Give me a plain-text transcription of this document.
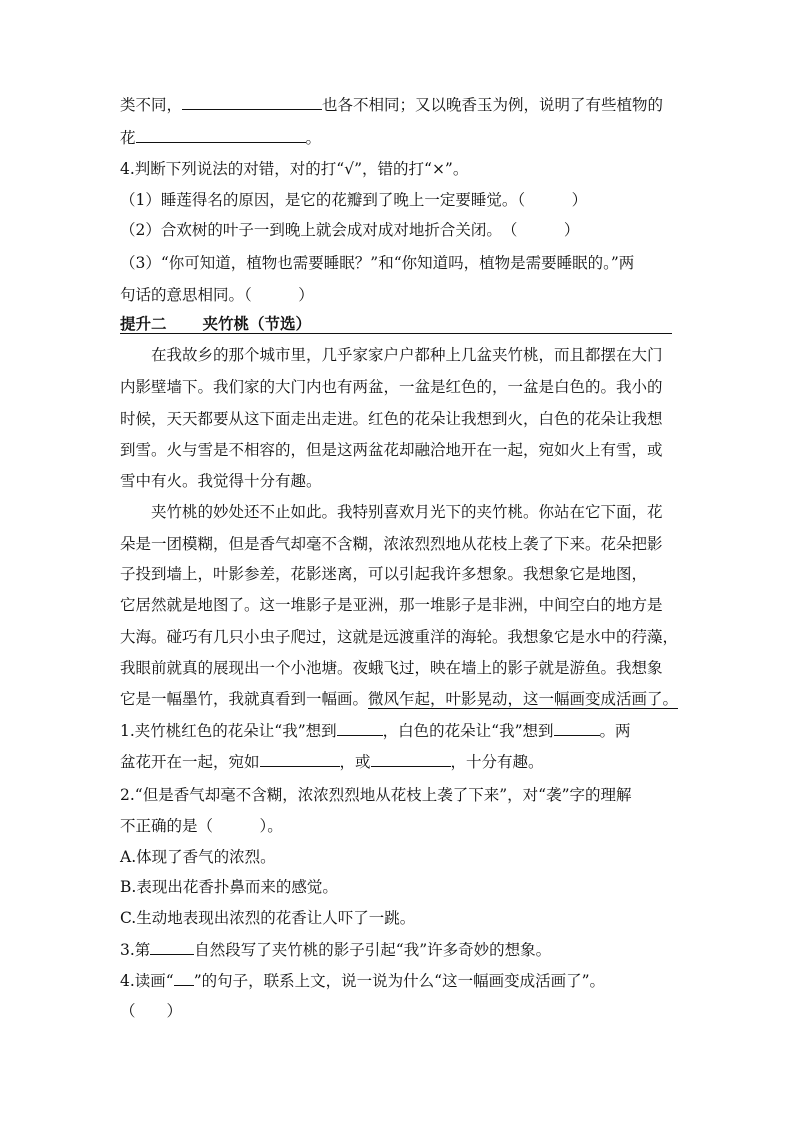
类不同，	也各不相同；又以晚香玉为例，说明了有些植物的
花	。
4.判断下列说法的对错，对的打“√”，错的打“×”。
（1）睡莲得名的原因，是它的花瓣到了晚上一定要睡觉。（　　　）
（2）合欢树的叶子一到晚上就会成对成对地折合关闭。　（　　　）
（3）“你可知道，植物也需要睡眠？”和“你知道吗，植物是需要睡眠的。”两
句话的意思相同。（　　　）
提升二 夹竹桃（节选）
　　在我故乡的那个城市里，几乎家家户户都种上几盆夹竹桃，而且都摆在大门
内影壁墙下。我们家的大门内也有两盆，一盆是红色的，一盆是白色的。我小的
时候，天天都要从这下面走出走进。红色的花朵让我想到火，白色的花朵让我想
到雪。火与雪是不相容的，但是这两盆花却融洽地开在一起，宛如火上有雪，或
雪中有火。我觉得十分有趣。
　　夹竹桃的妙处还不止如此。我特别喜欢月光下的夹竹桃。你站在它下面，花
朵是一团模糊，但是香气却毫不含糊，浓浓烈烈地从花枝上袭了下来。花朵把影
子投到墙上，叶影参差，花影迷离，可以引起我许多想象。我想象它是地图，
它居然就是地图了。这一堆影子是亚洲，那一堆影子是非洲，中间空白的地方是
大海。碰巧有几只小虫子爬过，这就是远渡重洋的海轮。我想象它是水中的荇藻，
我眼前就真的展现出一个小池塘。夜蛾飞过，映在墙上的影子就是游鱼。我想象
它是一幅墨竹，我就真看到一幅画。微风乍起，叶影晃动，这一幅画变成活画了。
1.夹竹桃红色的花朵让“我”想到	，白色的花朵让“我”想到	。两
盆花开在一起，宛如	，或	，十分有趣。
2.“但是香气却毫不含糊，浓浓烈烈地从花枝上袭了下来”，对“袭”字的理解
不正确的是（　　　）。
A.体现了香气的浓烈。
B.表现出花香扑鼻而来的感觉。
C.生动地表现出浓烈的花香让人吓了一跳。
3.第	自然段写了夹竹桃的影子引起“我”许多奇妙的想象。
4.读画“ ”的句子，联系上文，说一说为什么“这一幅画变成活画了”。
（　　）
